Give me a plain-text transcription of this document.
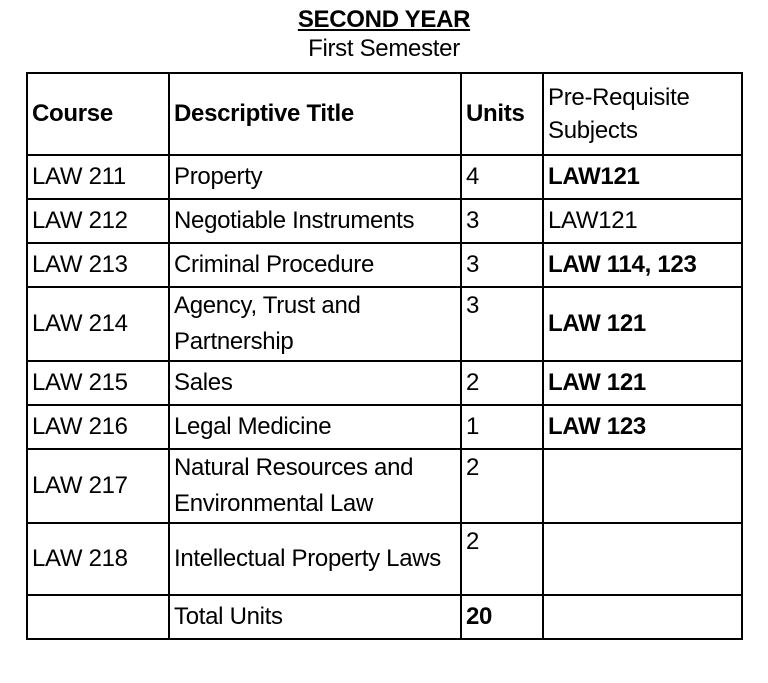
SECOND YEAR
First Semester
Course	Descriptive Title	Units	Pre-Requisite Subjects

LAW 211	Property	4	LAW121
LAW 212	Negotiable Instruments	3	LAW121
LAW 213	Criminal Procedure	3	LAW 114, 123
LAW 214	Agency, Trust and Partnership	3	LAW 121
LAW 215	Sales	2	LAW 121
LAW 216	Legal Medicine	1	LAW 123
LAW 217	Natural Resources and Environmental Law	2	
LAW 218	Intellectual Property Laws	2	
	Total Units	20	
